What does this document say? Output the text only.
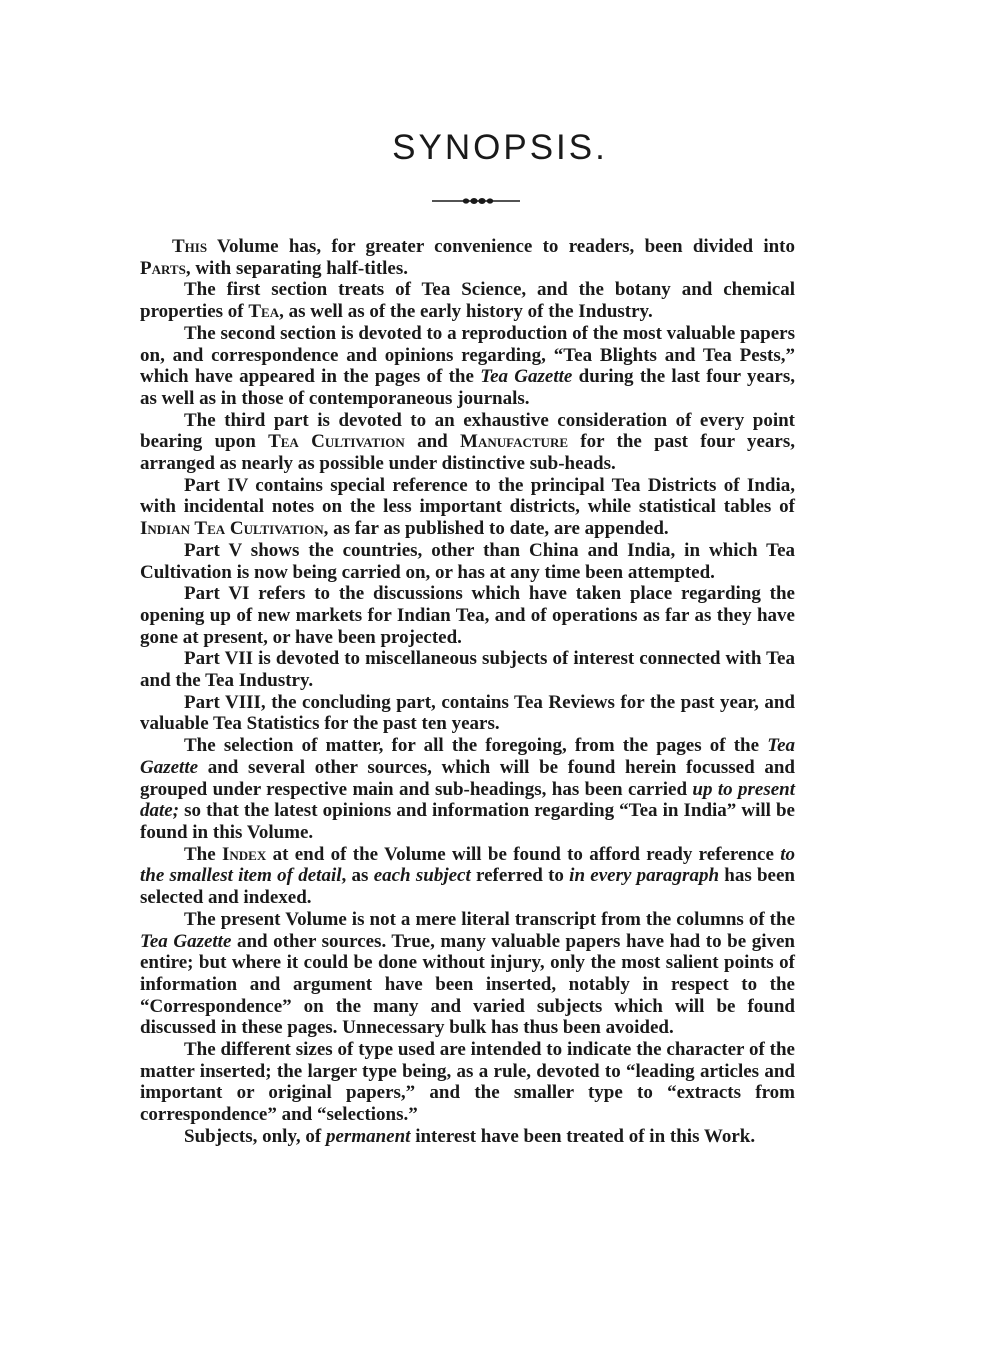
SYNOPSIS.

This Volume has, for greater convenience to readers, been divided into Parts, with separating half-titles.

The first section treats of Tea Science, and the botany and chemical properties of Tea, as well as of the early history of the Industry.

The second section is devoted to a reproduction of the most valuable papers on, and correspondence and opinions regarding, “Tea Blights and Tea Pests,” which have appeared in the pages of the Tea Gazette during the last four years, as well as in those of contemporaneous journals.

The third part is devoted to an exhaustive consideration of every point bearing upon Tea Cultivation and Manufacture for the past four years, arranged as nearly as possible under distinctive sub-heads.

Part IV contains special reference to the principal Tea Districts of India, with incidental notes on the less important districts, while statistical tables of Indian Tea Cultivation, as far as published to date, are appended.

Part V shows the countries, other than China and India, in which Tea Cultivation is now being carried on, or has at any time been attempted.

Part VI refers to the discussions which have taken place regarding the opening up of new markets for Indian Tea, and of operations as far as they have gone at present, or have been projected.

Part VII is devoted to miscellaneous subjects of interest connected with Tea and the Tea Industry.

Part VIII, the concluding part, contains Tea Reviews for the past year, and valuable Tea Statistics for the past ten years.

The selection of matter, for all the foregoing, from the pages of the Tea Gazette and several other sources, which will be found herein focussed and grouped under respective main and sub-headings, has been carried up to present date; so that the latest opinions and information regarding “Tea in India” will be found in this Volume.

The Index at end of the Volume will be found to afford ready reference to the smallest item of detail, as each subject referred to in every paragraph has been selected and indexed.

The present Volume is not a mere literal transcript from the columns of the Tea Gazette and other sources. True, many valuable papers have had to be given entire; but where it could be done without injury, only the most salient points of information and argument have been inserted, notably in respect to the “Correspondence” on the many and varied subjects which will be found discussed in these pages. Unnecessary bulk has thus been avoided.

The different sizes of type used are intended to indicate the character of the matter inserted; the larger type being, as a rule, devoted to “leading articles and important or original papers,” and the smaller type to “extracts from correspondence” and “selections.”

Subjects, only, of permanent interest have been treated of in this Work.
